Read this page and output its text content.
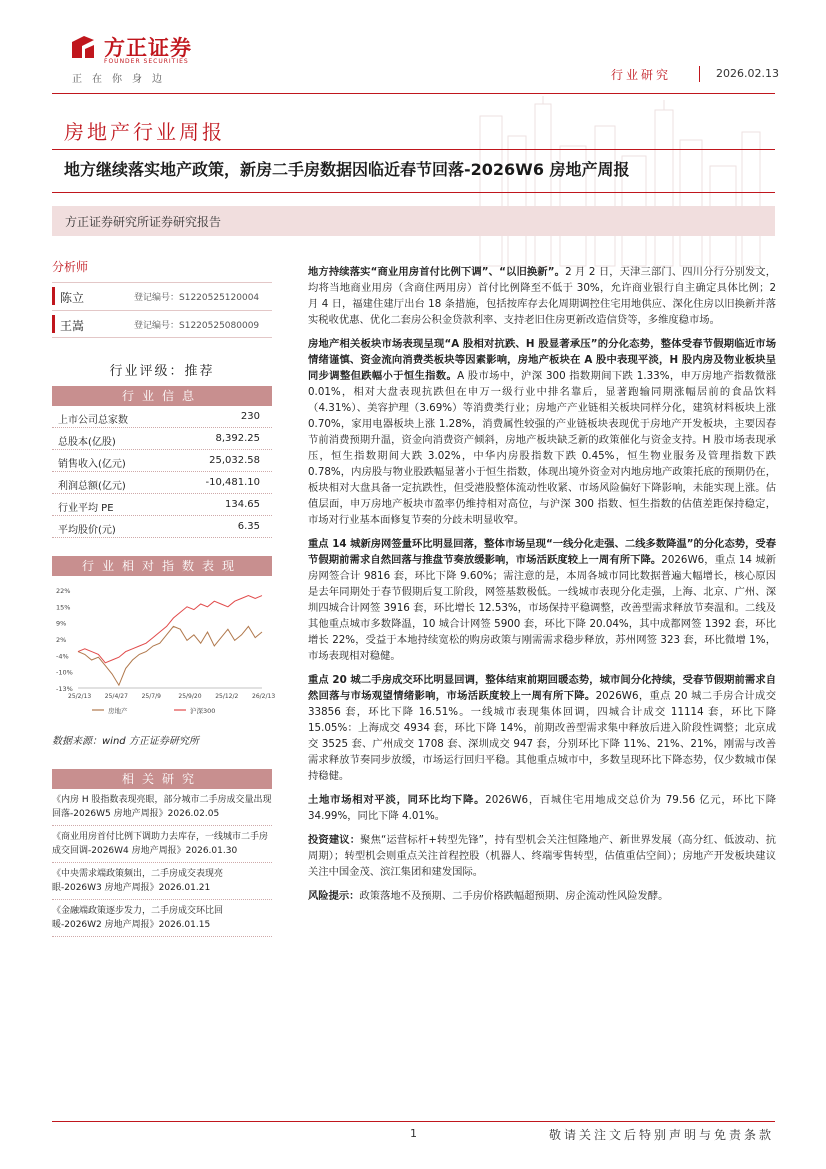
方正证券
FOUNDER SECURITIES
正在你身边	行业研究	2026.02.13
房地产行业周报
地方继续落实地产政策，新房二手房数据因临近春节回落-2026W6 房地产周报
方正证券研究所证券研究报告
分析师
陈立	登记编号：S1220525120004
王嵩	登记编号：S1220525080009
行业评级：推荐
行业信息
上市公司总家数	230
总股本(亿股)	8,392.25
销售收入(亿元)	25,032.58
利润总额(亿元)	-10,481.10
行业平均 PE	134.65
平均股价(元)	6.35
行业相对指数表现
22%
15%
9%
2%
-4%
-10%
-13%
25/2/13 25/4/27 25/7/9	25/9/20 25/12/2 26/2/13
房地产	沪深300
数据来源：wind 方正证券研究所
相关研究
《内房 H 股指数表现亮眼，部分城市二手房成交量出现回落-2026W5 房地产周报》2026.02.05
《商业用房首付比例下调助力去库存，一线城市二手房成交回调-2026W4 房地产周报》2026.01.30
《中央需求端政策频出，二手房成交表现亮眼-2026W3 房地产周报》2026.01.21
《金融端政策逐步发力，二手房成交环比回暖-2026W2 房地产周报》2026.01.15

地方持续落实“商业用房首付比例下调”、“以旧换新”。2 月 2 日，天津三部门、四川分行分别发文，均将当地商业用房（含商住两用房）首付比例降至不低于 30%，允许商业银行自主确定具体比例；2 月 4 日，福建住建厅出台 18 条措施，包括按库存去化周期调控住宅用地供应、深化住房以旧换新并落实税收优惠、优化二套房公积金贷款利率、支持老旧住房更新改造信贷等，多维度稳市场。

房地产相关板块市场表现呈现“A 股相对抗跌、H 股显著承压”的分化态势，整体受春节假期临近市场情绪谨慎、资金流向消费类板块等因素影响，房地产板块在 A 股中表现平淡，H 股内房及物业板块呈同步调整但跌幅小于恒生指数。A 股市场中，沪深 300 指数期间下跌 1.33%，申万房地产指数微涨 0.01%，相对大盘表现抗跌但在申万一级行业中排名靠后，显著跑输同期涨幅居前的食品饮料（4.31%）、美容护理（3.69%）等消费类行业；房地产产业链相关板块同样分化，建筑材料板块上涨 0.70%，家用电器板块上涨 1.28%，消费属性较强的产业链板块表现优于房地产开发板块，主要因春节前消费预期升温，资金向消费资产倾斜，房地产板块缺乏新的政策催化与资金支持。H 股市场表现承压，恒生指数期间大跌 3.02%，中华内房股指数下跌 0.45%，恒生物业服务及管理指数下跌 0.78%，内房股与物业股跌幅显著小于恒生指数，体现出境外资金对内地房地产政策托底的预期仍在，板块相对大盘具备一定抗跌性，但受港股整体流动性收紧、市场风险偏好下降影响，未能实现上涨。估值层面，申万房地产板块市盈率仍维持相对高位，与沪深 300 指数、恒生指数的估值差距保持稳定，市场对行业基本面修复节奏的分歧未明显收窄。

重点 14 城新房网签量环比明显回落，整体市场呈现“一线分化走强、二线多数降温”的分化态势，受春节假期前需求自然回落与推盘节奏放缓影响，市场活跃度较上一周有所下降。2026W6，重点 14 城新房网签合计 9816 套，环比下降 9.60%；需注意的是，本周各城市同比数据普遍大幅增长，核心原因是去年同期处于春节假期后复工阶段，网签基数极低。一线城市表现分化走强，上海、北京、广州、深圳四城合计网签 3916 套，环比增长 12.53%，市场保持平稳调整，改善型需求释放节奏温和。二线及其他重点城市多数降温，10 城合计网签 5900 套，环比下降 20.04%，其中成都网签 1392 套，环比增长 22%，受益于本地持续宽松的购房政策与刚需需求稳步释放，苏州网签 323 套，环比微增 1%，市场表现相对稳健。

重点 20 城二手房成交环比明显回调，整体结束前期回暖态势，城市间分化持续，受春节假期前需求自然回落与市场观望情绪影响，市场活跃度较上一周有所下降。2026W6，重点 20 城二手房合计成交 33856 套，环比下降 16.51%。一线城市表现集体回调，四城合计成交 11114 套，环比下降 15.05%：上海成交 4934 套，环比下降 14%，前期改善型需求集中释放后进入阶段性调整；北京成交 3525 套、广州成交 1708 套、深圳成交 947 套，分别环比下降 11%、21%、21%，刚需与改善需求释放节奏同步放缓，市场运行回归平稳。其他重点城市中，多数呈现环比下降态势，仅少数城市保持稳健。

土地市场相对平淡，同环比均下降。2026W6，百城住宅用地成交总价为 79.56 亿元，环比下降 34.99%，同比下降 4.01%。

投资建议：聚焦“运营标杆+转型先锋”，持有型机会关注恒隆地产、新世界发展（高分红、低波动、抗周期）；转型机会则重点关注首程控股（机器人、终端零售转型，估值重估空间）；房地产开发板块建议关注中国金茂、滨江集团和建发国际。

风险提示：政策落地不及预期、二手房价格跌幅超预期、房企流动性风险发酵。

1	敬请关注文后特别声明与免责条款
